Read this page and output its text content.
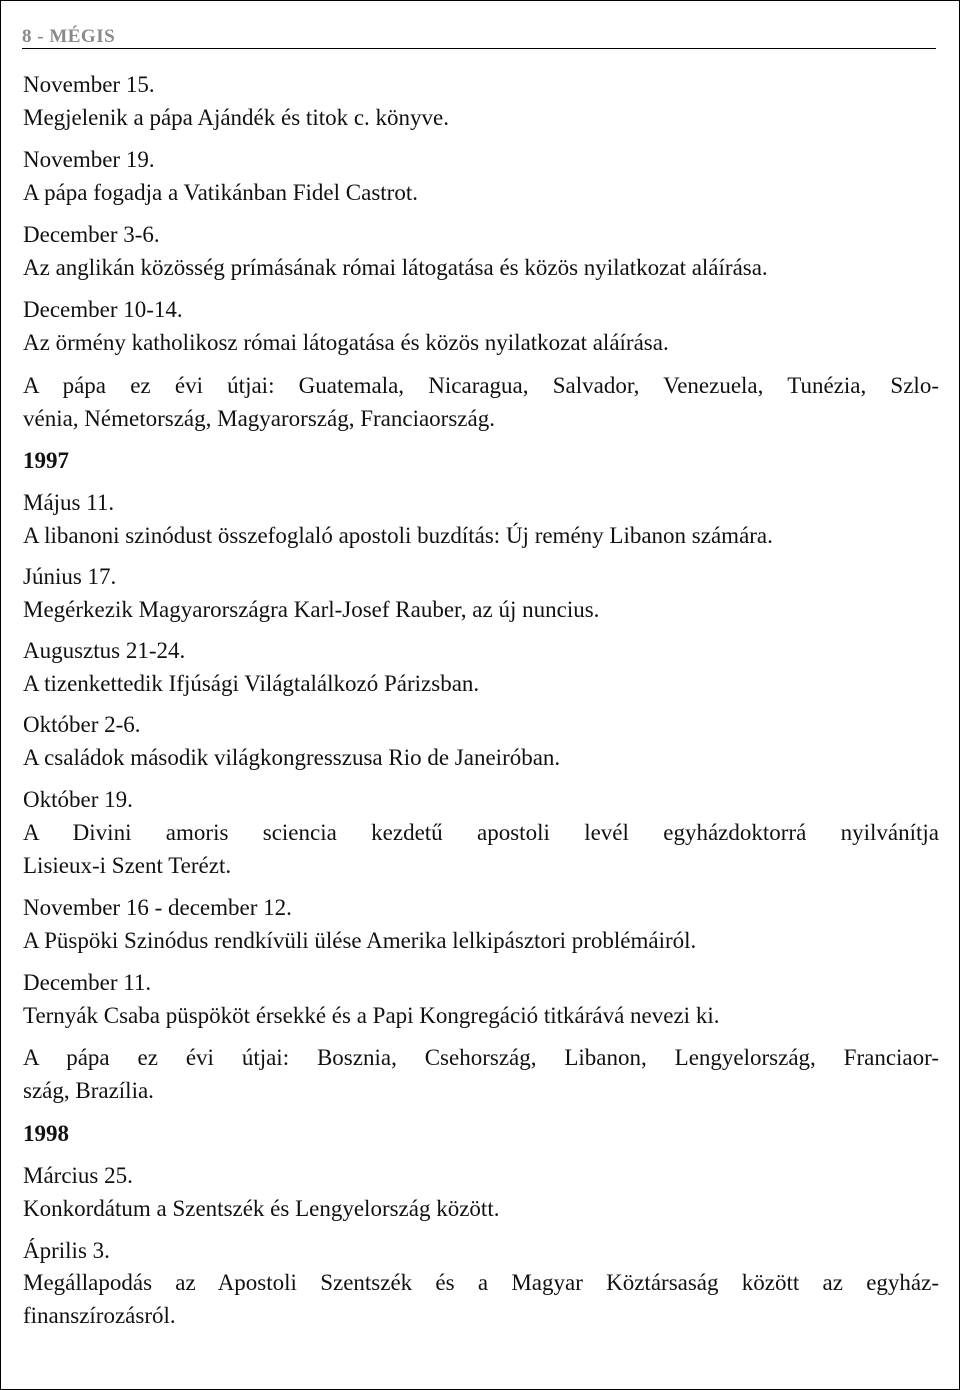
8 - MÉGIS
November 15.
Megjelenik a pápa Ajándék és titok c. könyve.
November 19.
A pápa fogadja a Vatikánban Fidel Castrot.
December 3-6.
Az anglikán közösség prímásának római látogatása és közös nyilatkozat aláírása.
December 10-14.
Az örmény katholikosz római látogatása és közös nyilatkozat aláírása.
A pápa ez évi útjai: Guatemala, Nicaragua, Salvador, Venezuela, Tunézia, Szlo-
vénia, Németország, Magyarország, Franciaország.
1997
Május 11.
A libanoni szinódust összefoglaló apostoli buzdítás: Új remény Libanon számára.
Június 17.
Megérkezik Magyarországra Karl-Josef Rauber, az új nuncius.
Augusztus 21-24.
A tizenkettedik Ifjúsági Világtalálkozó Párizsban.
Október 2-6.
A családok második világkongresszusa Rio de Janeiróban.
Október 19.
A Divini amoris sciencia kezdetű apostoli levél egyházdoktorrá nyilvánítja
Lisieux-i Szent Terézt.
November 16 - december 12.
A Püspöki Szinódus rendkívüli ülése Amerika lelkipásztori problémáiról.
December 11.
Ternyák Csaba püspököt érsekké és a Papi Kongregáció titkárává nevezi ki.
A pápa ez évi útjai: Bosznia, Csehország, Libanon, Lengyelország, Franciaor-
szág, Brazília.
1998
Március 25.
Konkordátum a Szentszék és Lengyelország között.
Április 3.
Megállapodás az Apostoli Szentszék és a Magyar Köztársaság között az egyház-
finanszírozásról.
